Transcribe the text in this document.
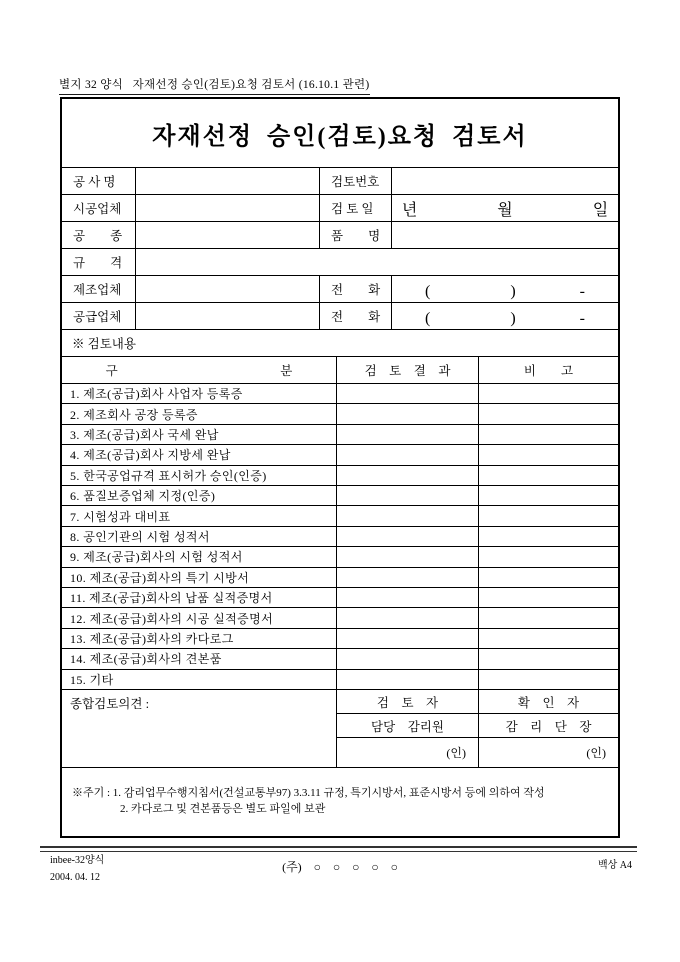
별지 32 양식   자재선정 승인(검토)요청 검토서 (16.10.1 관련)
자재선정 승인(검토)요청 검토서
공 사 명	검토번호
시공업체	검 토 일	년　　　　　월　　　　　일
공　　종	품　　명
규　　격
제조업체	전　　화	(　　　　　)　　　　-
공급업체	전　　화	(　　　　　)　　　　-
※ 검토내용
구　　　　　　　　　　　　　분	검　토　결　과	비　　고
1. 제조(공급)회사 사업자 등록증
2. 제조회사 공장 등록증
3. 제조(공급)회사 국세 완납
4. 제조(공급)회사 지방세 완납
5. 한국공업규격 표시허가 승인(인증)
6. 품질보증업체 지정(인증)
7. 시험성과 대비표
8. 공인기관의 시험 성적서
9. 제조(공급)회사의 시험 성적서
10. 제조(공급)회사의 특기 시방서
11. 제조(공급)회사의 납품 실적증명서
12. 제조(공급)회사의 시공 실적증명서
13. 제조(공급)회사의 카다로그
14. 제조(공급)회사의 견본품
15. 기타
종합검토의견 :	검　토　자	확　인　자
담당　감리원	감　리　단　장
(인)	(인)
※주기 : 1. 감리업무수행지침서(건설교통부97) 3.3.11 규정, 특기시방서, 표준시방서 등에 의하여 작성
2. 카다로그 및 견본품등은 별도 파일에 보관
inbee-32양식
2004. 04. 12
(주)　○　○　○　○　○	백상 A4
